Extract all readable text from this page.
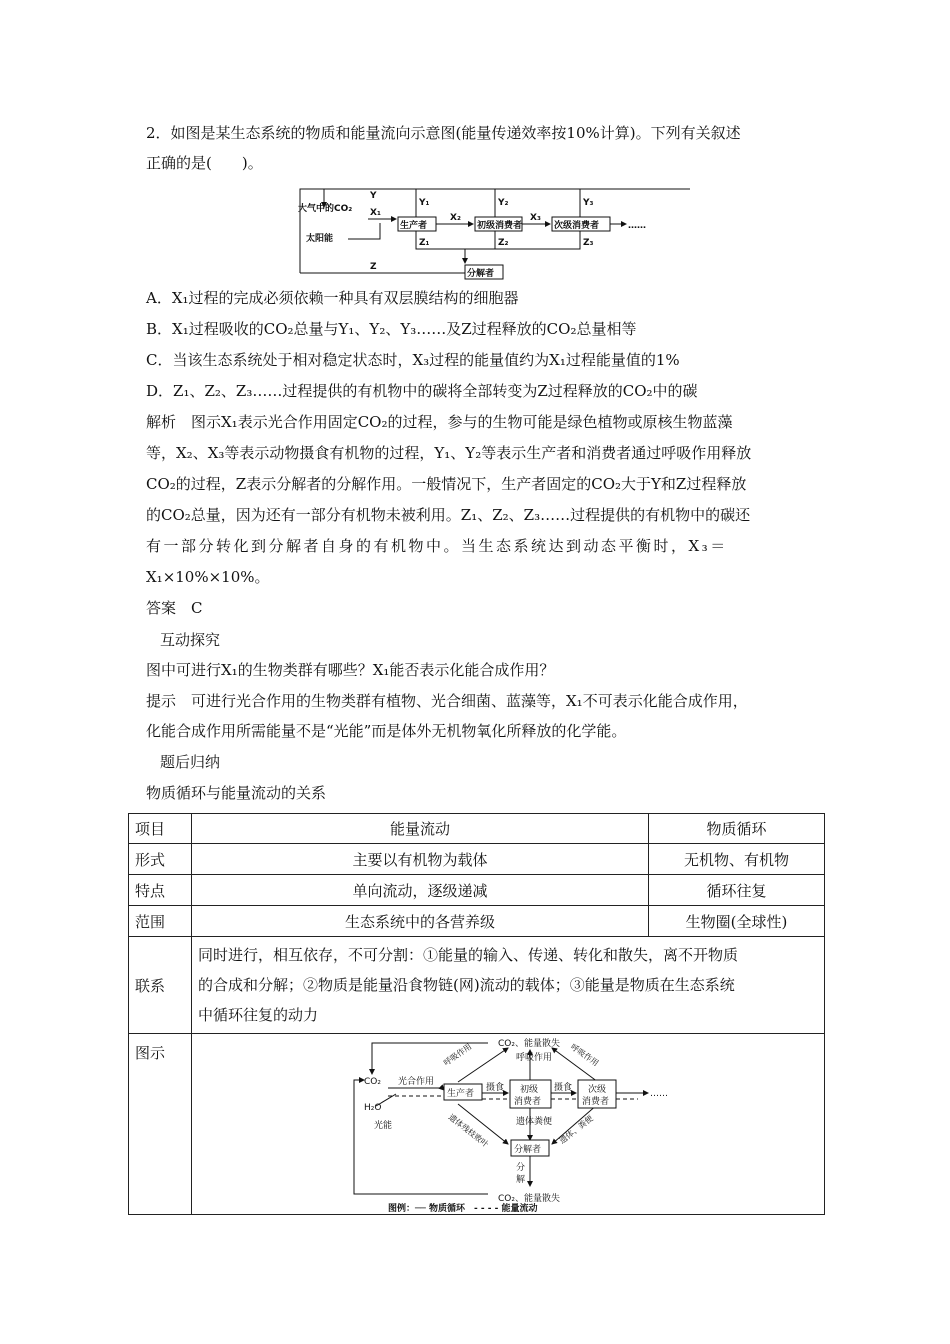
2．如图是某生态系统的物质和能量流向示意图(能量传递效率按10%计算)。下列有关叙述
正确的是(　　)。
大气中的CO₂
太阳能
生产者	初级消费者	次级消费者
分解者
……
Y
Z
X₁	X₂	X₃
Y₁	Y₂	Y₃
Z₁	Z₂	Z₃
A．X₁过程的完成必须依赖一种具有双层膜结构的细胞器
B．X₁过程吸收的CO₂总量与Y₁、Y₂、Y₃……及Z过程释放的CO₂总量相等
C．当该生态系统处于相对稳定状态时，X₃过程的能量值约为X₁过程能量值的1%
D．Z₁、Z₂、Z₃……过程提供的有机物中的碳将全部转变为Z过程释放的CO₂中的碳
解析　图示X₁表示光合作用固定CO₂的过程，参与的生物可能是绿色植物或原核生物蓝藻
等，X₂、X₃等表示动物摄食有机物的过程，Y₁、Y₂等表示生产者和消费者通过呼吸作用释放
CO₂的过程，Z表示分解者的分解作用。一般情况下，生产者固定的CO₂大于Y和Z过程释放
的CO₂总量，因为还有一部分有机物未被利用。Z₁、Z₂、Z₃……过程提供的有机物中的碳还
有一部分转化到分解者自身的有机物中。当生态系统达到动态平衡时，X₃＝
X₁×10%×10%。
答案　C
互动探究
图中可进行X₁的生物类群有哪些？X₁能否表示化能合成作用？
提示　可进行光合作用的生物类群有植物、光合细菌、蓝藻等，X₁不可表示化能合成作用，
化能合成作用所需能量不是“光能”而是体外无机物氧化所释放的化学能。
题后归纳
物质循环与能量流动的关系
项目	能量流动	物质循环
形式	主要以有机物为载体	无机物、有机物
特点	单向流动，逐级递减	循环往复
范围	生态系统中的各营养级	生物圈(全球性)
联系	同时进行，相互依存，不可分割：①能量的输入、传递、转化和散失，离不开物质
的合成和分解；②物质是能量沿食物链(网)流动的载体；③能量是物质在生态系统
中循环往复的动力	

图示			CO₂、能量散失
CO₂、能量散失
CO₂
H₂O
光能
光合作用
生产者	初级
消费者
次级
消费者
分解者
摄食	摄食
呼吸 作用
遗体 粪便
分
解
……
呼吸作用	呼吸作用
遗体残枝败叶	遗体、粪便
图例：── 物质循环　- - - - 能量流动
